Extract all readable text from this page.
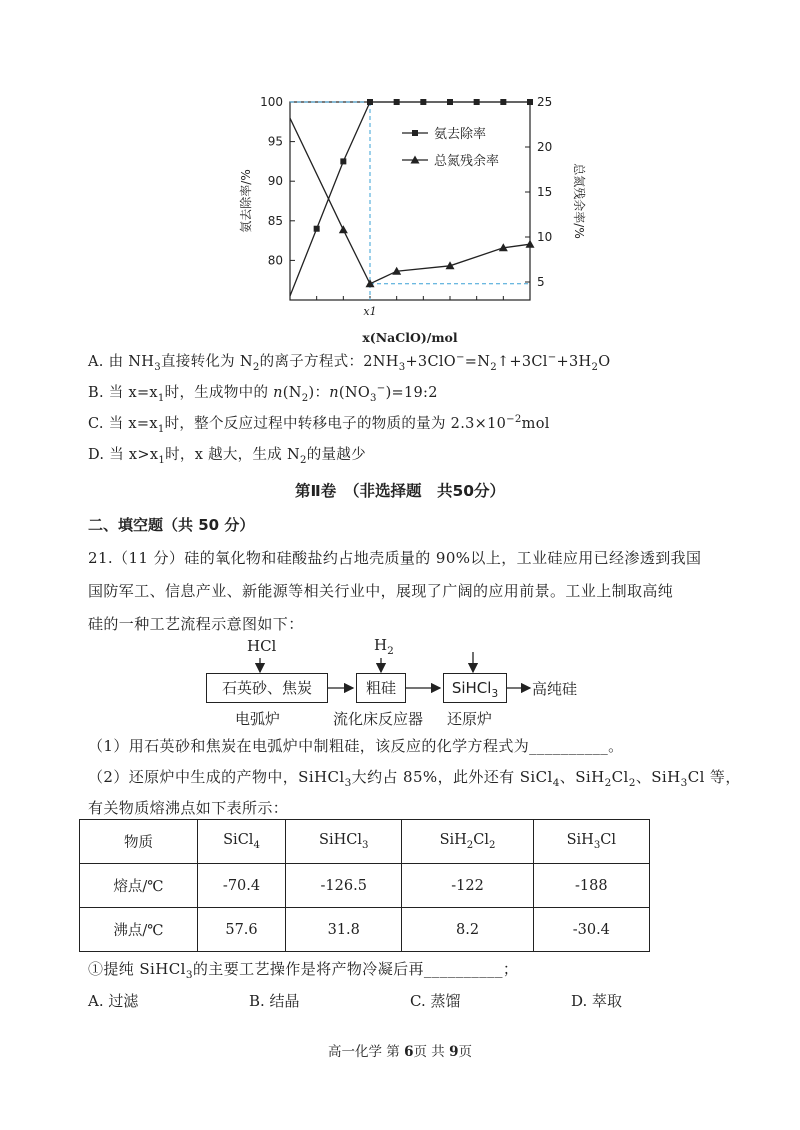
80
85
90
95
100
5
10
15
20
25
x1
氨去除率
总氮残余率
氨去除率/%	总氮残余率/%
x(NaClO)/mol
A. 由 $NH_3$直接转化为 $N_2$的离子方程式：$2NH_3+3ClO^-=N_2↑+3Cl^-+3H_2O$
B. 当 $x=x_1$时，生成物中的 $n(N_2)$：$n(NO_3^-)=19:2$
C. 当 $x=x_1$时，整个反应过程中转移电子的物质的量为 $2.3\times 10^{-2}mol$
D. 当 $x>x_1$时，x 越大，生成 $N_2$的量越少
第Ⅱ卷　（非选择题　共50分）
二、填空题（共 50 分）
21.（11 分）硅的氧化物和硅酸盐约占地壳质量的 90%以上，工业硅应用已经渗透到我国
国防军工、信息产业、新能源等相关行业中，展现了广阔的应用前景。工业上制取高纯
硅的一种工艺流程示意图如下：
HCl	$H_2$
石英砂、焦炭	粗硅	SiHCl$_3$	高纯硅
电弧炉	流化床反应器 还原炉
（1）用石英砂和焦炭在电弧炉中制粗硅，该反应的化学方程式为__________。
（2）还原炉中生成的产物中，SiHCl$_3$大约占 85%，此外还有 SiCl$_4$、$SiH_2Cl_2$、SiH$_3$Cl 等，
有关物质熔沸点如下表所示：
物质	SiCl$_4$	SiHCl$_3$	$SiH_2Cl_2$	SiH$_3$Cl
熔点/℃	-70.4	-126.5	-122	-188
沸点/℃	57.6	31.8	8.2	-30.4
①提纯 SiHCl$_3$的主要工艺操作是将产物冷凝后再__________；
A. 过滤	B. 结晶	C. 蒸馏	D. 萃取
高一化学 第 6页 共 9页
